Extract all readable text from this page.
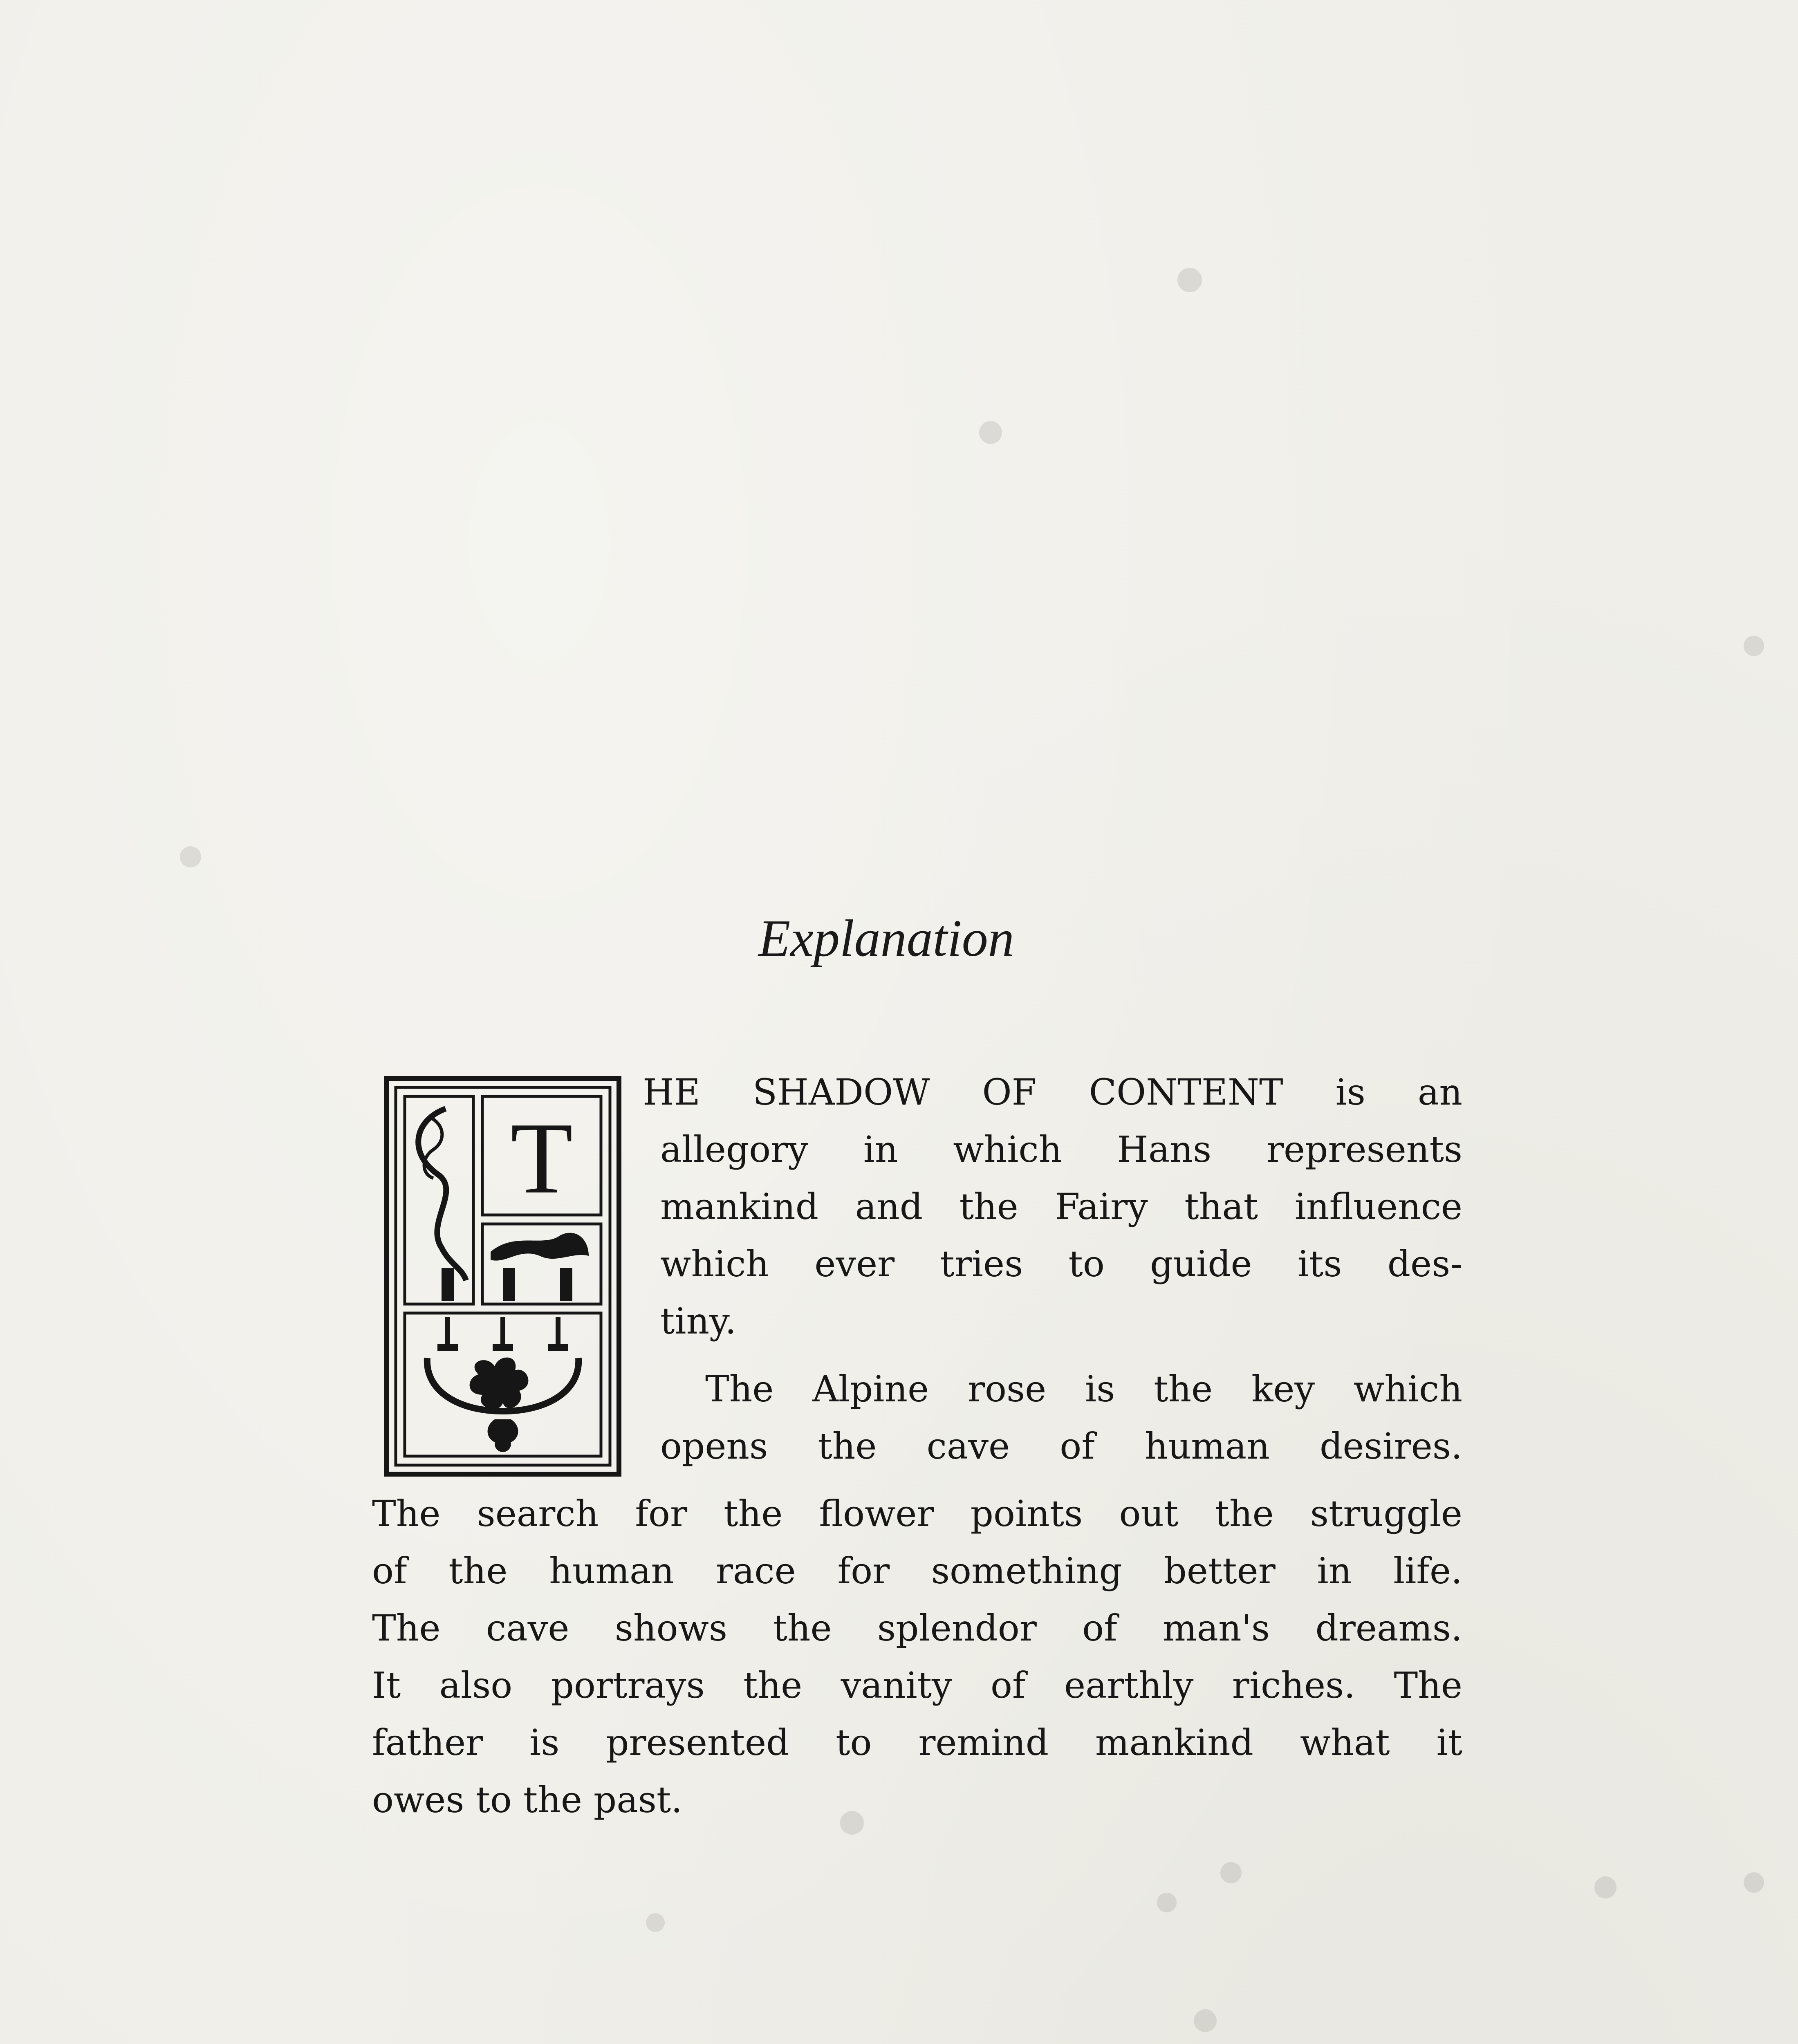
Explanation
T
HE SHADOW OF CONTENT is an
allegory in which Hans represents
mankind and the Fairy that influence
which ever tries to guide its des-
tiny.
The Alpine rose is the key which
opens the cave of human desires.
The search for the flower points out the struggle
of the human race for something better in life.
The cave shows the splendor of man's dreams.
It also portrays the vanity of earthly riches. The
father is presented to remind mankind what it
owes to the past.
